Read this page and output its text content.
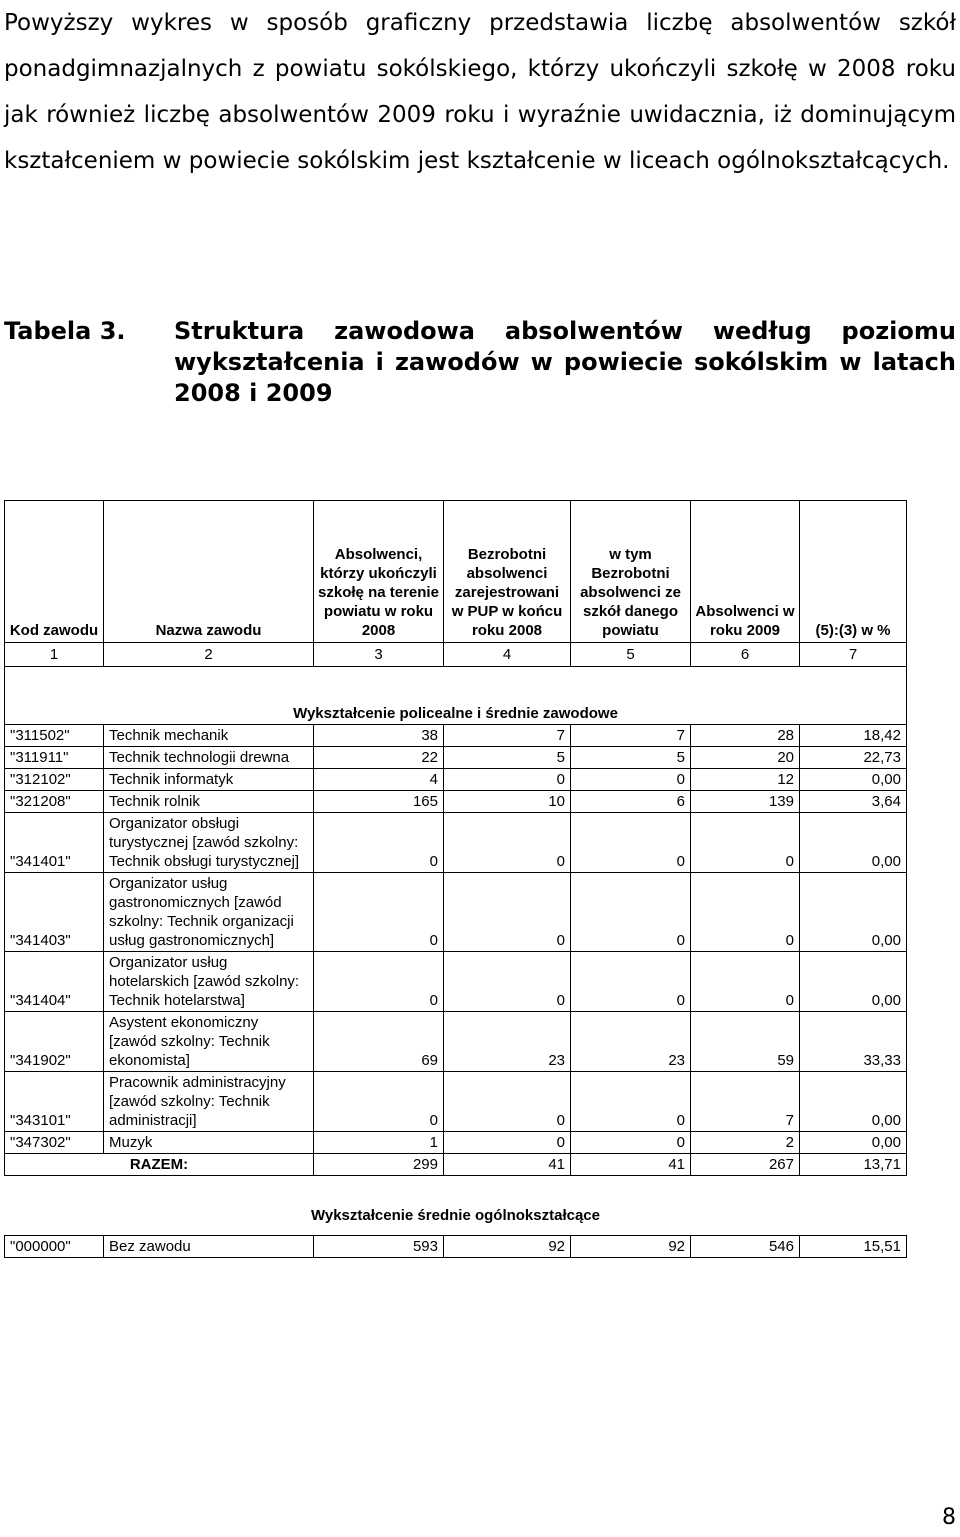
Powyższy wykres w sposób graficzny przedstawia liczbę absolwentów szkół ponadgimnazjalnych z powiatu sokólskiego, którzy ukończyli szkołę w 2008 roku jak również liczbę absolwentów 2009 roku i wyraźnie uwidacznia, iż dominującym kształceniem w powiecie sokólskim jest kształcenie w liceach ogólnokształcących.

Tabela 3. Struktura zawodowa absolwentów według poziomu wykształcenia i zawodów w powiecie sokólskim w latach 2008 i 2009
Kod zawodu	Nazwa zawodu	Absolwenci, którzy ukończyli szkołę na terenie powiatu w roku 2008	Bezrobotni absolwenci zarejestrowani w PUP w końcu roku 2008	w tym Bezrobotni absolwenci ze szkół danego powiatu	Absolwenci w roku 2009	(5):(3) w %
1	2	3	4	5	6	7
Wykształcenie policealne i średnie zawodowe						
"311502"	Technik mechanik	38	7	7	28	18,42
"311911"	Technik technologii drewna	22	5	5	20	22,73
"312102"	Technik informatyk	4	0	0	12	0,00
"321208"	Technik rolnik	165	10	6	139	3,64
"341401"	Organizator obsługi turystycznej [zawód szkolny: Technik obsługi turystycznej]	0	0	0	0	0,00
"341403"	Organizator usług gastronomicznych [zawód szkolny: Technik organizacji usług gastronomicznych]	0	0	0	0	0,00
"341404"	Organizator usług hotelarskich [zawód szkolny: Technik hotelarstwa]	0	0	0	0	0,00
"341902"	Asystent ekonomiczny [zawód szkolny: Technik ekonomista]	69	23	23	59	33,33
"343101"	Pracownik administracyjny [zawód szkolny: Technik administracji]	0	0	0	7	0,00
"347302"	Muzyk	1	0	0	2	0,00
RAZEM:		299	41	41	267	13,71

Wykształcenie średnie ogólnokształcące						
"000000"	Bez zawodu	593	92	92	546	15,51
8
